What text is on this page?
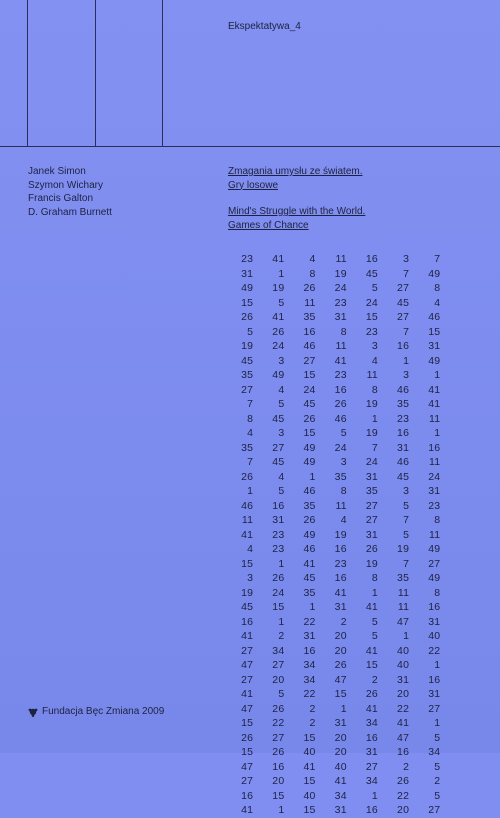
Ekspektatywa_4
Janek Simon
Szymon Wichary
Francis Galton
D. Graham Burnett
Zmagania umysłu ze światem.
Gry losowe
Mind's Struggle with the World.
Games of Chance
23	41	4	11	16	3	7
31	1	8	19	45	7	49
49	19	26	24	5	27	8
15	5	11	23	24	45	4
26	41	35	31	15	27	46
5	26	16	8	23	7	15
19	24	46	11	3	16	31
45	3	27	41	4	1	49
35	49	15	23	11	3	1
27	4	24	16	8	46	41
7	5	45	26	19	35	41
8	45	26	46	1	23	11
4	3	15	5	19	16	1
35	27	49	24	7	31	16
7	45	49	3	24	46	11
26	4	1	35	31	45	24
1	5	46	8	35	3	31
46	16	35	11	27	5	23
11	31	26	4	27	7	8
41	23	49	19	31	5	11
4	23	46	16	26	19	49
15	1	41	23	19	7	27
3	26	45	16	8	35	49
19	24	35	41	1	11	8
45	15	1	31	41	11	16
16	1	22	2	5	47	31
41	2	31	20	5	1	40
27	34	16	20	41	40	22
47	27	34	26	15	40	1
27	20	34	47	2	31	16
41	5	22	15	26	20	31
47	26	2	1	41	22	27
15	22	2	31	34	41	1
26	27	15	20	16	47	5
15	26	40	20	31	16	34
47	16	41	40	27	2	5
27	20	15	41	34	26	2
16	15	40	34	1	22	5
41	1	15	31	16	20	27
Fundacja Bęc Zmiana 2009
